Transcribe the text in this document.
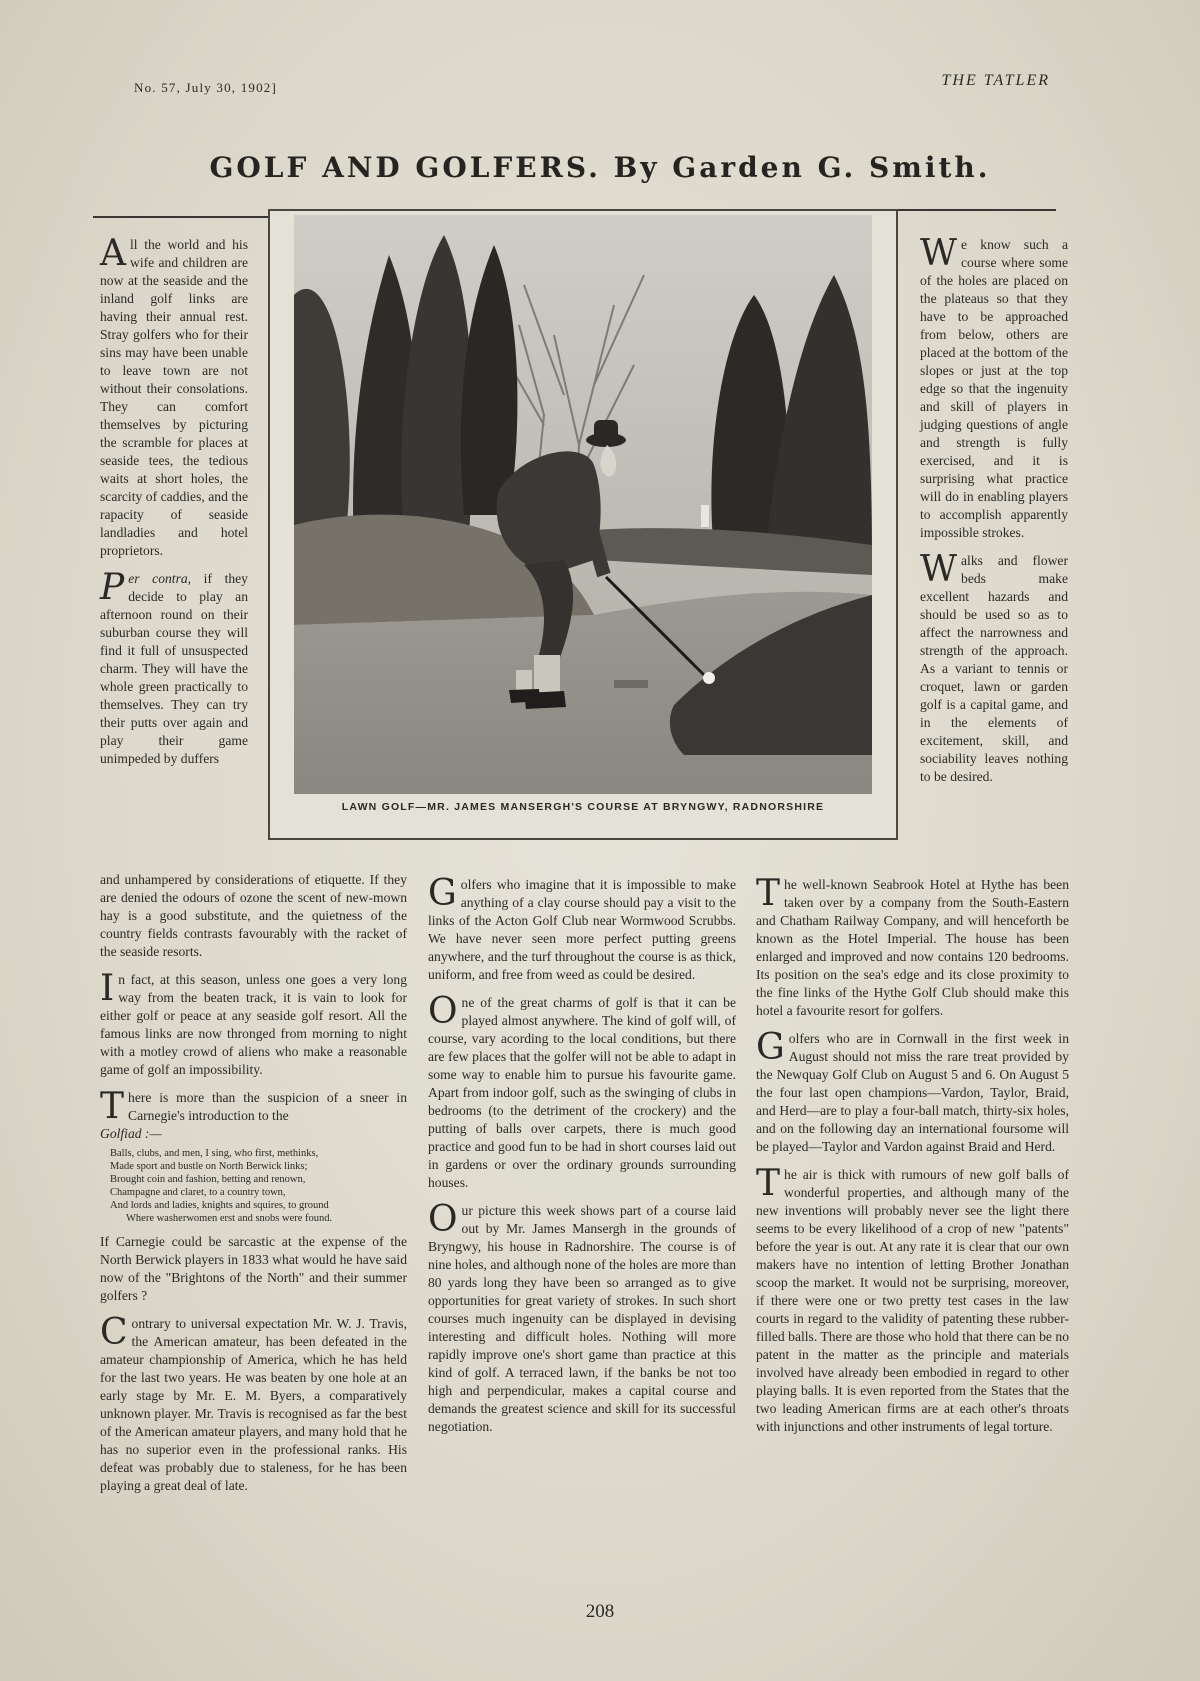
No. 57, July 30, 1902]	THE TATLER
GOLF AND GOLFERS. By Garden G. Smith.
LAWN GOLF—MR. JAMES MANSERGH'S COURSE AT BRYNGWY, RADNORSHIRE

All the world and his wife and children are now at the seaside and the inland golf links are having their annual rest. Stray golfers who for their sins may have been unable to leave town are not without their consolations. They can comfort themselves by picturing the scramble for places at seaside tees, the tedious waits at short holes, the scarcity of caddies, and the rapacity of seaside landladies and hotel proprietors.

Per contra, if they decide to play an afternoon round on their suburban course they will find it full of unsuspected charm. They will have the whole green practically to themselves. They can try their putts over again and play their game unimpeded by duffers

and unhampered by considerations of etiquette. If they are denied the odours of ozone the scent of new-mown hay is a good substitute, and the quietness of the country fields contrasts favourably with the racket of the seaside resorts.

In fact, at this season, unless one goes a very long way from the beaten track, it is vain to look for either golf or peace at any seaside golf resort. All the famous links are now thronged from morning to night with a motley crowd of aliens who make a reasonable game of golf an impossibility.

There is more than the suspicion of a sneer in Carnegie's introduction to the
Golfiad :—

Balls, clubs, and men, I sing, who first, methinks,
Made sport and bustle on North Berwick links;
Brought coin and fashion, betting and renown,
Champagne and claret, to a country town,
And lords and ladies, knights and squires, to ground
Where washerwomen erst and snobs were found.

If Carnegie could be sarcastic at the expense of the North Berwick players in 1833 what would he have said now of the "Brightons of the North" and their summer golfers ?

Contrary to universal expectation Mr. W. J. Travis, the American amateur, has been defeated in the amateur championship of America, which he has held for the last two years. He was beaten by one hole at an early stage by Mr. E. M. Byers, a comparatively unknown player. Mr. Travis is recognised as far the best of the American amateur players, and many hold that he has no superior even in the professional ranks. His defeat was probably due to staleness, for he has been playing a great deal of late.

Golfers who imagine that it is impossible to make anything of a clay course should pay a visit to the links of the Acton Golf Club near Wormwood Scrubbs. We have never seen more perfect putting greens anywhere, and the turf throughout the course is as thick, uniform, and free from weed as could be desired.

One of the great charms of golf is that it can be played almost anywhere. The kind of golf will, of course, vary acording to the local conditions, but there are few places that the golfer will not be able to adapt in some way to enable him to pursue his favourite game. Apart from indoor golf, such as the swinging of clubs in bedrooms (to the detriment of the crockery) and the putting of balls over carpets, there is much good practice and good fun to be had in short courses laid out in gardens or over the ordinary grounds surrounding houses.

Our picture this week shows part of a course laid out by Mr. James Mansergh in the grounds of Bryngwy, his house in Radnorshire. The course is of nine holes, and although none of the holes are more than 80 yards long they have been so arranged as to give opportunities for great variety of strokes. In such short courses much ingenuity can be displayed in devising interesting and difficult holes. Nothing will more rapidly improve one's short game than practice at this kind of golf. A terraced lawn, if the banks be not too high and perpendicular, makes a capital course and demands the greatest science and skill for its successful negotiation.

We know such a course where some of the holes are placed on the plateaus so that they have to be approached from below, others are placed at the bottom of the slopes or just at the top edge so that the ingenuity and skill of players in judging questions of angle and strength is fully exercised, and it is surprising what practice will do in enabling players to accomplish apparently impossible strokes.

Walks and flower beds make excellent hazards and should be used so as to affect the narrowness and strength of the approach. As a variant to tennis or croquet, lawn or garden golf is a capital game, and in the elements of excitement, skill, and sociability leaves nothing to be desired.

The well-known Seabrook Hotel at Hythe has been taken over by a company from the South-Eastern and Chatham Railway Company, and will henceforth be known as the Hotel Imperial. The house has been enlarged and improved and now contains 120 bedrooms. Its position on the sea's edge and its close proximity to the fine links of the Hythe Golf Club should make this hotel a favourite resort for golfers.

Golfers who are in Cornwall in the first week in August should not miss the rare treat provided by the Newquay Golf Club on August 5 and 6. On August 5 the four last open champions—Vardon, Taylor, Braid, and Herd—are to play a four-ball match, thirty-six holes, and on the following day an international foursome will be played—Taylor and Vardon against Braid and Herd.

The air is thick with rumours of new golf balls of wonderful properties, and although many of the new inventions will probably never see the light there seems to be every likelihood of a crop of new "patents" before the year is out. At any rate it is clear that our own makers have no intention of letting Brother Jonathan scoop the market. It would not be surprising, moreover, if there were one or two pretty test cases in the law courts in regard to the validity of patenting these rubber-filled balls. There are those who hold that there can be no patent in the matter as the principle and materials involved have already been embodied in regard to other playing balls. It is even reported from the States that the two leading American firms are at each other's throats with injunctions and other instruments of legal torture.

208
